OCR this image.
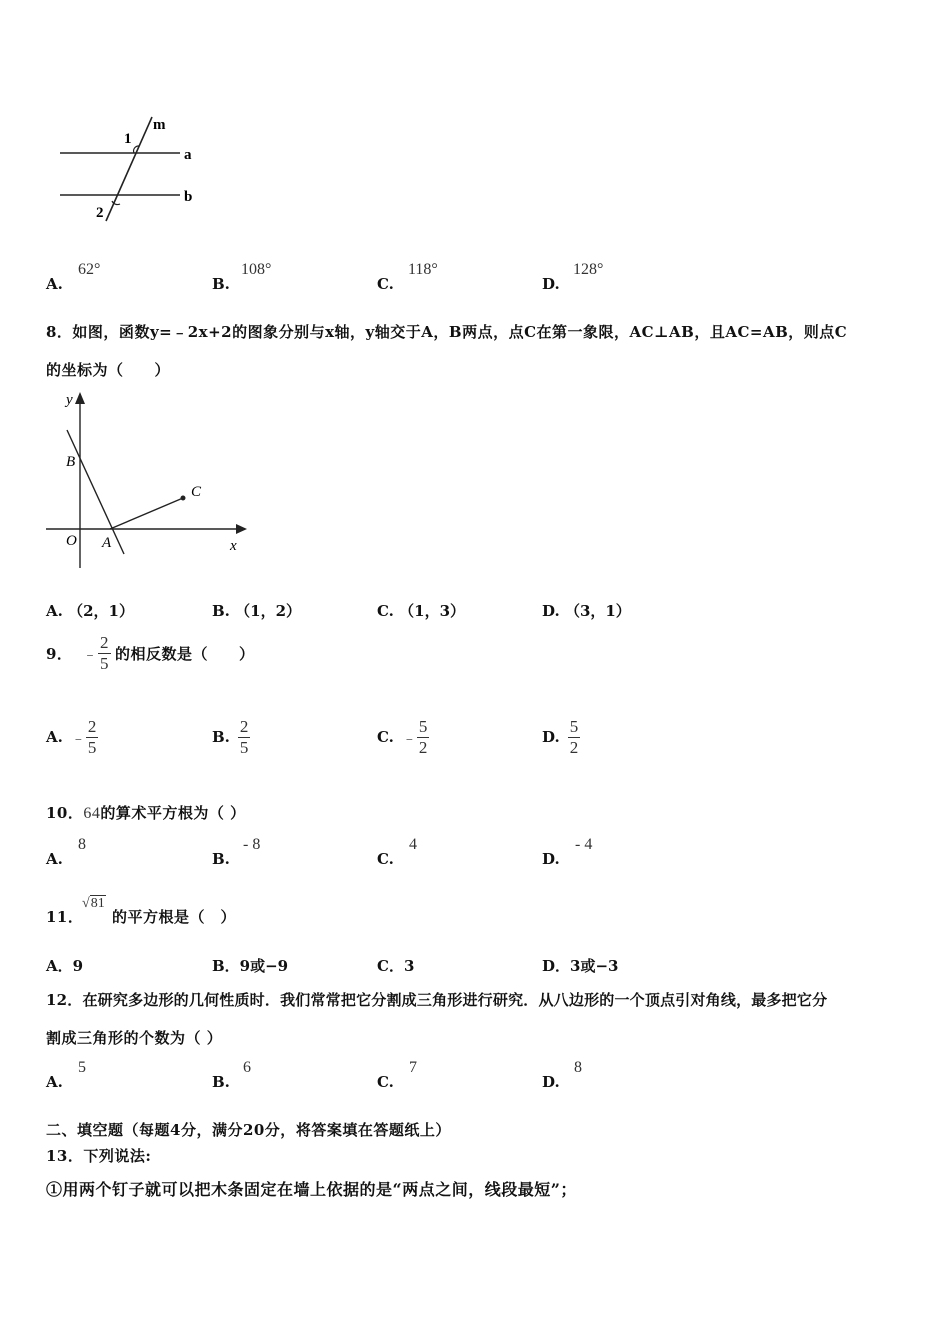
1
2
m
a
b
A.
62°
B.
108°
C.
118°
D.
128°
8．如图，函数y=﹣2x+2的图象分别与x轴，y轴交于A，B两点，点C在第一象限，AC⊥AB，且AC=AB，则点C
的坐标为（　　）
y
x
O A
B
C
A. （2，1）	B. （1，2）	C. （1，3）	D. （3，1）
9． ﹣ $\frac{2}{5}$ 的相反数是（　　）
A. ﹣ $\frac{2}{5}$	B. $\frac{2}{5}$	C. ﹣ $\frac{5}{2}$	D. $\frac{5}{2}$
10．64的算术平方根为（ ）
A.
8
B.
- 8
C.
4
D.
- 4
11．
√81
的平方根是（　）
A．9	B．9或−9	C．3	D．3或−3
12．在研究多边形的几何性质时．我们常常把它分割成三角形进行研究．从八边形的一个顶点引对角线，最多把它分
割成三角形的个数为（ ）
A.
5
B.
6
C.
7
D.
8
二、填空题（每题4分，满分20分，将答案填在答题纸上）
13．下列说法:
①用两个钉子就可以把木条固定在墙上依据的是“两点之间，线段最短”；
